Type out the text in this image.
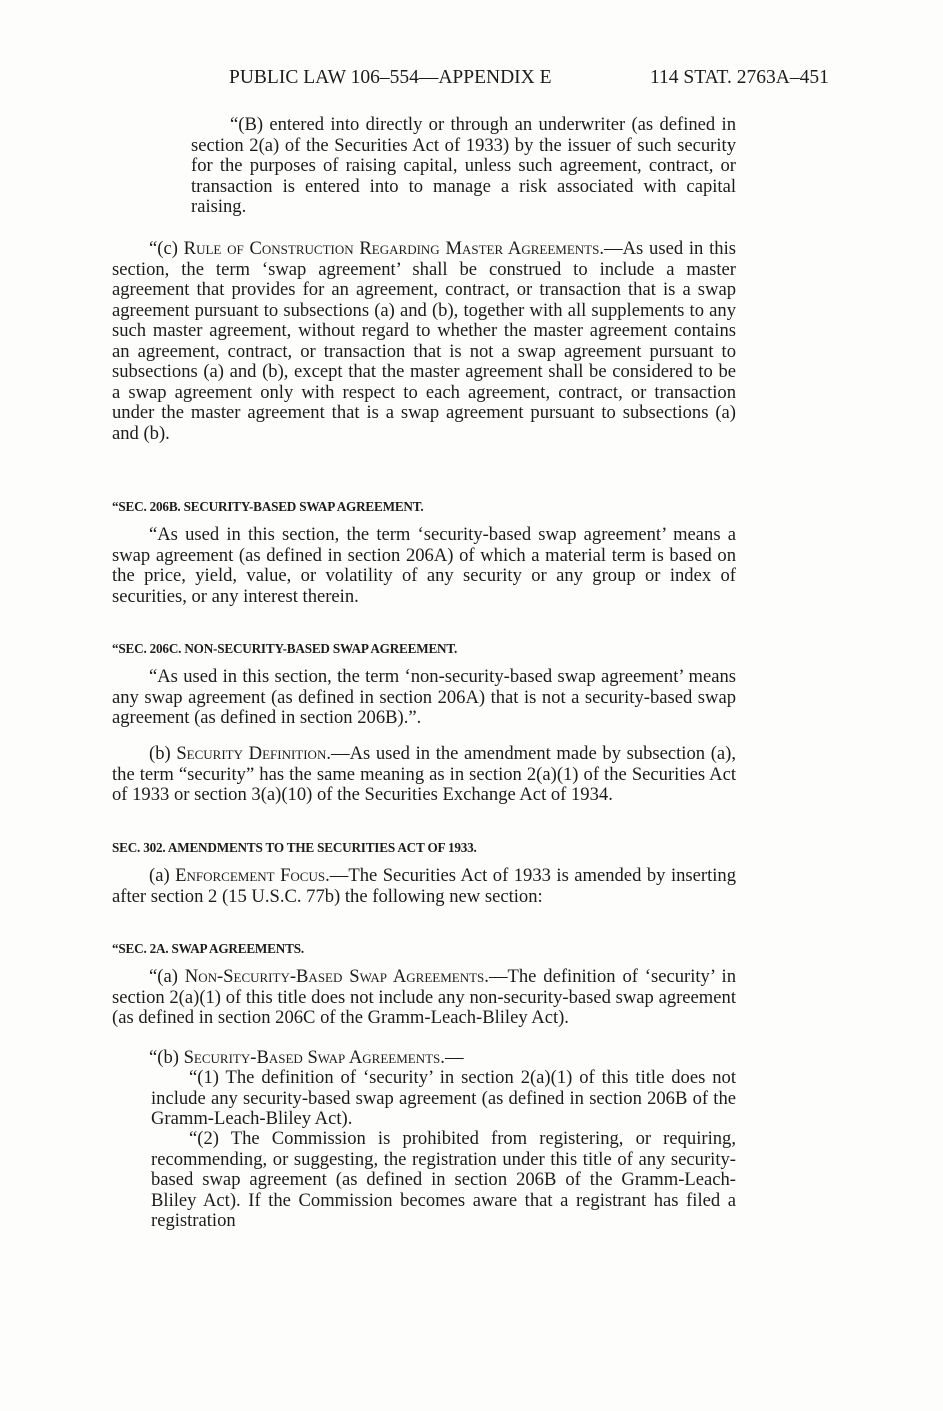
PUBLIC LAW 106–554—APPENDIX E	114 STAT. 2763A–451

“(B) entered into directly or through an underwriter (as defined in section 2(a) of the Securities Act of 1933) by the issuer of such security for the purposes of raising capital, unless such agreement, contract, or transaction is entered into to manage a risk associated with capital raising.

“(c) Rule of Construction Regarding Master Agreements.—As used in this section, the term ‘swap agreement’ shall be construed to include a master agreement that provides for an agreement, contract, or transaction that is a swap agreement pursuant to subsections (a) and (b), together with all supplements to any such master agreement, without regard to whether the master agreement contains an agreement, contract, or transaction that is not a swap agreement pursuant to subsections (a) and (b), except that the master agreement shall be considered to be a swap agreement only with respect to each agreement, contract, or transaction under the master agreement that is a swap agreement pursuant to subsections (a) and (b).

“SEC. 206B. SECURITY-BASED SWAP AGREEMENT.

“As used in this section, the term ‘security-based swap agreement’ means a swap agreement (as defined in section 206A) of which a material term is based on the price, yield, value, or volatility of any security or any group or index of securities, or any interest therein.

“SEC. 206C. NON-SECURITY-BASED SWAP AGREEMENT.

“As used in this section, the term ‘non-security-based swap agreement’ means any swap agreement (as defined in section 206A) that is not a security-based swap agreement (as defined in section 206B).”.

(b) Security Definition.—As used in the amendment made by subsection (a), the term “security” has the same meaning as in section 2(a)(1) of the Securities Act of 1933 or section 3(a)(10) of the Securities Exchange Act of 1934.

SEC. 302. AMENDMENTS TO THE SECURITIES ACT OF 1933.

(a) Enforcement Focus.—The Securities Act of 1933 is amended by inserting after section 2 (15 U.S.C. 77b) the following new section:

“SEC. 2A. SWAP AGREEMENTS.

“(a) Non-Security-Based Swap Agreements.—The definition of ‘security’ in section 2(a)(1) of this title does not include any non-security-based swap agreement (as defined in section 206C of the Gramm-Leach-Bliley Act).

“(b) Security-Based Swap Agreements.—

“(1) The definition of ‘security’ in section 2(a)(1) of this title does not include any security-based swap agreement (as defined in section 206B of the Gramm-Leach-Bliley Act).

“(2) The Commission is prohibited from registering, or requiring, recommending, or suggesting, the registration under this title of any security-based swap agreement (as defined in section 206B of the Gramm-Leach-Bliley Act). If the Commission becomes aware that a registrant has filed a registration
